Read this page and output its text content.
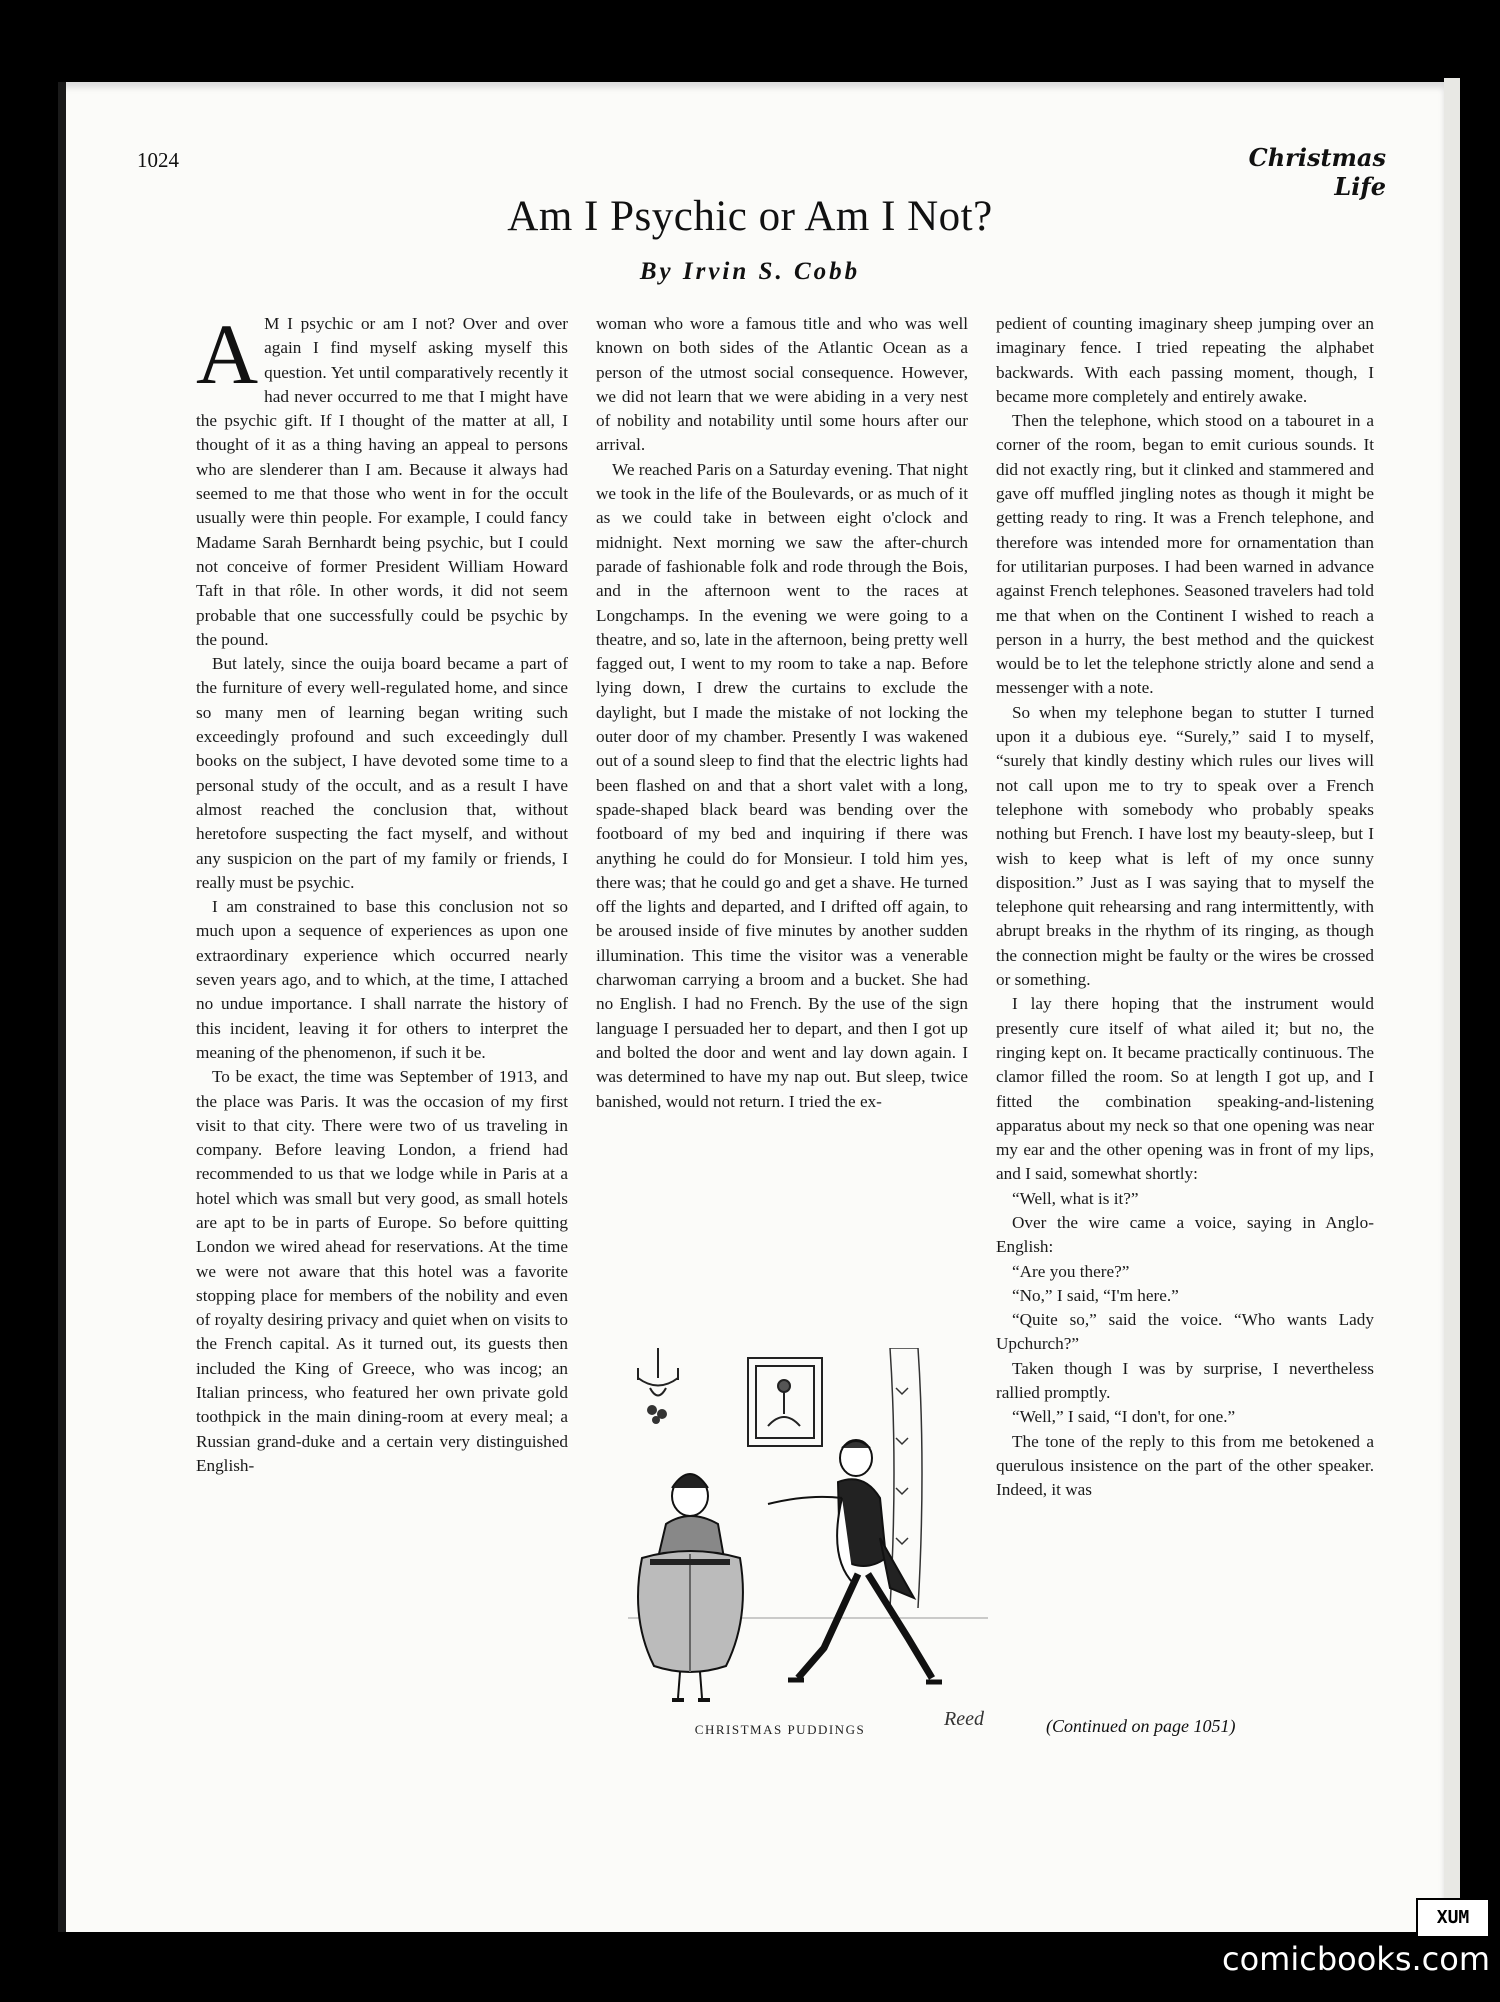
1024	Christmas Life
Am I Psychic or Am I Not?
By Irvin S. Cobb

A M I psychic or am I not? Over and over again I find myself asking myself this question. Yet until comparatively recently it had never occurred to me that I might have the psychic gift. If I thought of the matter at all, I thought of it as a thing having an appeal to persons who are slenderer than I am. Because it always had seemed to me that those who went in for the occult usually were thin people. For example, I could fancy Madame Sarah Bernhardt being psychic, but I could not conceive of former President William Howard Taft in that rôle. In other words, it did not seem probable that one successfully could be psychic by the pound.

But lately, since the ouija board became a part of the furniture of every well-regulated home, and since so many men of learning began writing such exceedingly profound and such exceedingly dull books on the subject, I have devoted some time to a personal study of the occult, and as a result I have almost reached the conclusion that, without heretofore suspecting the fact myself, and without any suspicion on the part of my family or friends, I really must be psychic.

I am constrained to base this conclusion not so much upon a sequence of experiences as upon one extraordinary experience which occurred nearly seven years ago, and to which, at the time, I attached no undue importance. I shall narrate the history of this incident, leaving it for others to interpret the meaning of the phenomenon, if such it be.

To be exact, the time was September of 1913, and the place was Paris. It was the occasion of my first visit to that city. There were two of us traveling in company. Before leaving London, a friend had recommended to us that we lodge while in Paris at a hotel which was small but very good, as small hotels are apt to be in parts of Europe. So before quitting London we wired ahead for reservations. At the time we were not aware that this hotel was a favorite stopping place for members of the nobility and even of royalty desiring privacy and quiet when on visits to the French capital. As it turned out, its guests then included the King of Greece, who was incog; an Italian princess, who featured her own private gold toothpick in the main dining-room at every meal; a Russian grand-duke and a certain very distinguished English-

woman who wore a famous title and who was well known on both sides of the Atlantic Ocean as a person of the utmost social consequence. However, we did not learn that we were abiding in a very nest of nobility and notability until some hours after our arrival.

We reached Paris on a Saturday evening. That night we took in the life of the Boulevards, or as much of it as we could take in between eight o'clock and midnight. Next morning we saw the after-church parade of fashionable folk and rode through the Bois, and in the afternoon went to the races at Longchamps. In the evening we were going to a theatre, and so, late in the afternoon, being pretty well fagged out, I went to my room to take a nap. Before lying down, I drew the curtains to exclude the daylight, but I made the mistake of not locking the outer door of my chamber. Presently I was wakened out of a sound sleep to find that the electric lights had been flashed on and that a short valet with a long, spade-shaped black beard was bending over the footboard of my bed and inquiring if there was anything he could do for Monsieur. I told him yes, there was; that he could go and get a shave. He turned off the lights and departed, and I drifted off again, to be aroused inside of five minutes by another sudden illumination. This time the visitor was a venerable charwoman carrying a broom and a bucket. She had no English. I had no French. By the use of the sign language I persuaded her to depart, and then I got up and bolted the door and went and lay down again. I was determined to have my nap out. But sleep, twice banished, would not return. I tried the ex-

pedient of counting imaginary sheep jumping over an imaginary fence. I tried repeating the alphabet backwards. With each passing moment, though, I became more completely and entirely awake.

Then the telephone, which stood on a tabouret in a corner of the room, began to emit curious sounds. It did not exactly ring, but it clinked and stammered and gave off muffled jingling notes as though it might be getting ready to ring. It was a French telephone, and therefore was intended more for ornamentation than for utilitarian purposes. I had been warned in advance against French telephones. Seasoned travelers had told me that when on the Continent I wished to reach a person in a hurry, the best method and the quickest would be to let the telephone strictly alone and send a messenger with a note.

So when my telephone began to stutter I turned upon it a dubious eye. “Surely,” said I to myself, “surely that kindly destiny which rules our lives will not call upon me to try to speak over a French telephone with somebody who probably speaks nothing but French. I have lost my beauty-sleep, but I wish to keep what is left of my once sunny disposition.” Just as I was saying that to myself the telephone quit rehearsing and rang intermittently, with abrupt breaks in the rhythm of its ringing, as though the connection might be faulty or the wires be crossed or something.

I lay there hoping that the instrument would presently cure itself of what ailed it; but no, the ringing kept on. It became practically continuous. The clamor filled the room. So at length I got up, and I fitted the combination speaking-and-listening apparatus about my neck so that one opening was near my ear and the other opening was in front of my lips, and I said, somewhat shortly:

“Well, what is it?”

Over the wire came a voice, saying in Anglo-English:

“Are you there?”

“No,” I said, “I'm here.”

“Quite so,” said the voice. “Who wants Lady Upchurch?”

Taken though I was by surprise, I nevertheless rallied promptly.

“Well,” I said, “I don't, for one.”

The tone of the reply to this from me betokened a querulous insistence on the part of the other speaker. Indeed, it was

CHRISTMAS PUDDINGS	Reed	(Continued on page 1051)
XUM
comicbooks.com
